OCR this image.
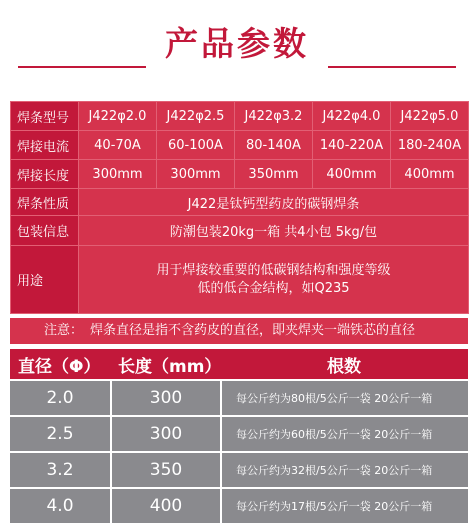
产品参数
焊条型号	J422φ2.0	J422φ2.5	J422φ3.2	J422φ4.0	J422φ5.0
焊接电流	40-70A	60-100A	80-140A	140-220A	180-240A
焊接长度	300mm	300mm	350mm	400mm	400mm
焊条性质	J422是钛钙型药皮的碳钢焊条				
包装信息	防潮包装20kg一箱 共4小包 5kg/包				
用途	用于焊接较重要的低碳钢结构和强度等级
低的低合金结构，如Q235				
注意： 焊条直径是指不含药皮的直径，即夹焊夹一端铁芯的直径
直径（Φ）	长度（mm）	根数
2.0	300	每公斤约为80根/5公斤一袋 20公斤一箱
2.5	300	每公斤约为60根/5公斤一袋 20公斤一箱
3.2	350	每公斤约为32根/5公斤一袋 20公斤一箱
4.0	400	每公斤约为17根/5公斤一袋 20公斤一箱
